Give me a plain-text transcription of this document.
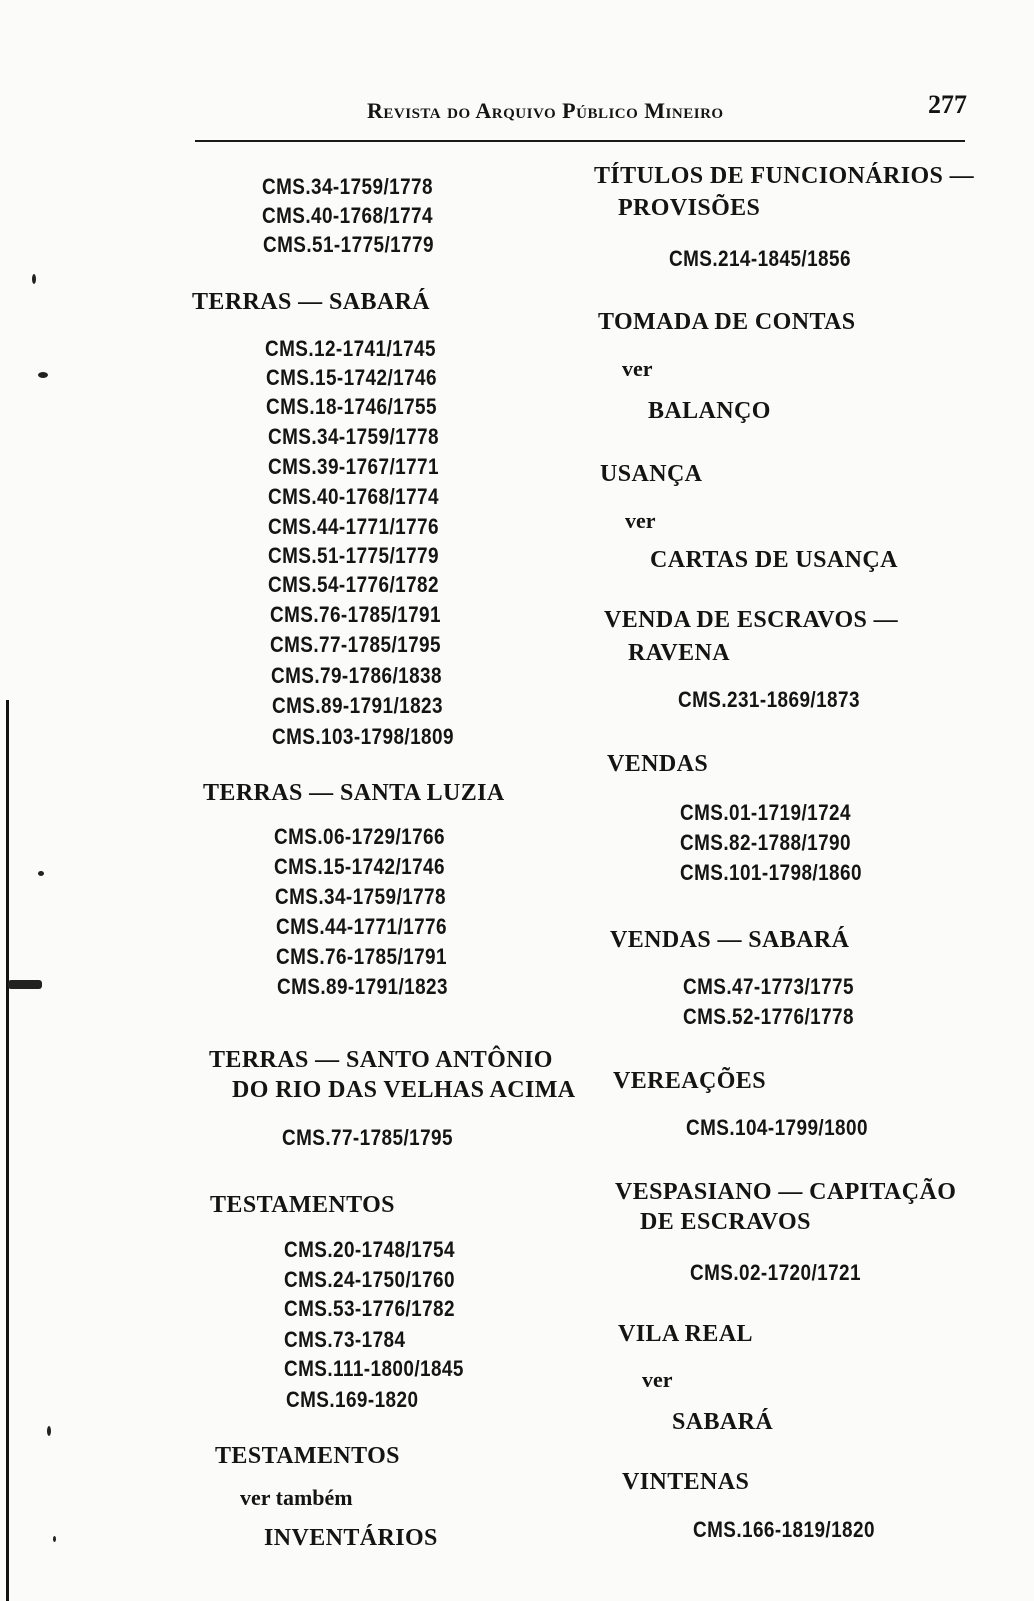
Revista do Arquivo Público Mineiro	277
CMS.34-1759/1778
CMS.40-1768/1774
CMS.51-1775/1779
TERRAS — SABARÁ
CMS.12-1741/1745
CMS.15-1742/1746
CMS.18-1746/1755
CMS.34-1759/1778
CMS.39-1767/1771
CMS.40-1768/1774
CMS.44-1771/1776
CMS.51-1775/1779
CMS.54-1776/1782
CMS.76-1785/1791
CMS.77-1785/1795
CMS.79-1786/1838
CMS.89-1791/1823
CMS.103-1798/1809
TERRAS — SANTA LUZIA
CMS.06-1729/1766
CMS.15-1742/1746
CMS.34-1759/1778
CMS.44-1771/1776
CMS.76-1785/1791
CMS.89-1791/1823
TERRAS — SANTO ANTÔNIO
DO RIO DAS VELHAS ACIMA
CMS.77-1785/1795
TESTAMENTOS
CMS.20-1748/1754
CMS.24-1750/1760
CMS.53-1776/1782
CMS.73-1784
CMS.111-1800/1845
CMS.169-1820
TESTAMENTOS
ver também
INVENTÁRIOS
TÍTULOS DE FUNCIONÁRIOS —
PROVISÕES
CMS.214-1845/1856
TOMADA DE CONTAS
ver
BALANÇO
USANÇA
ver
CARTAS DE USANÇA
VENDA DE ESCRAVOS —
RAVENA
CMS.231-1869/1873
VENDAS
CMS.01-1719/1724
CMS.82-1788/1790
CMS.101-1798/1860
VENDAS — SABARÁ
CMS.47-1773/1775
CMS.52-1776/1778
VEREAÇÕES
CMS.104-1799/1800
VESPASIANO — CAPITAÇÃO
DE ESCRAVOS
CMS.02-1720/1721
VILA REAL
ver
SABARÁ
VINTENAS
CMS.166-1819/1820
